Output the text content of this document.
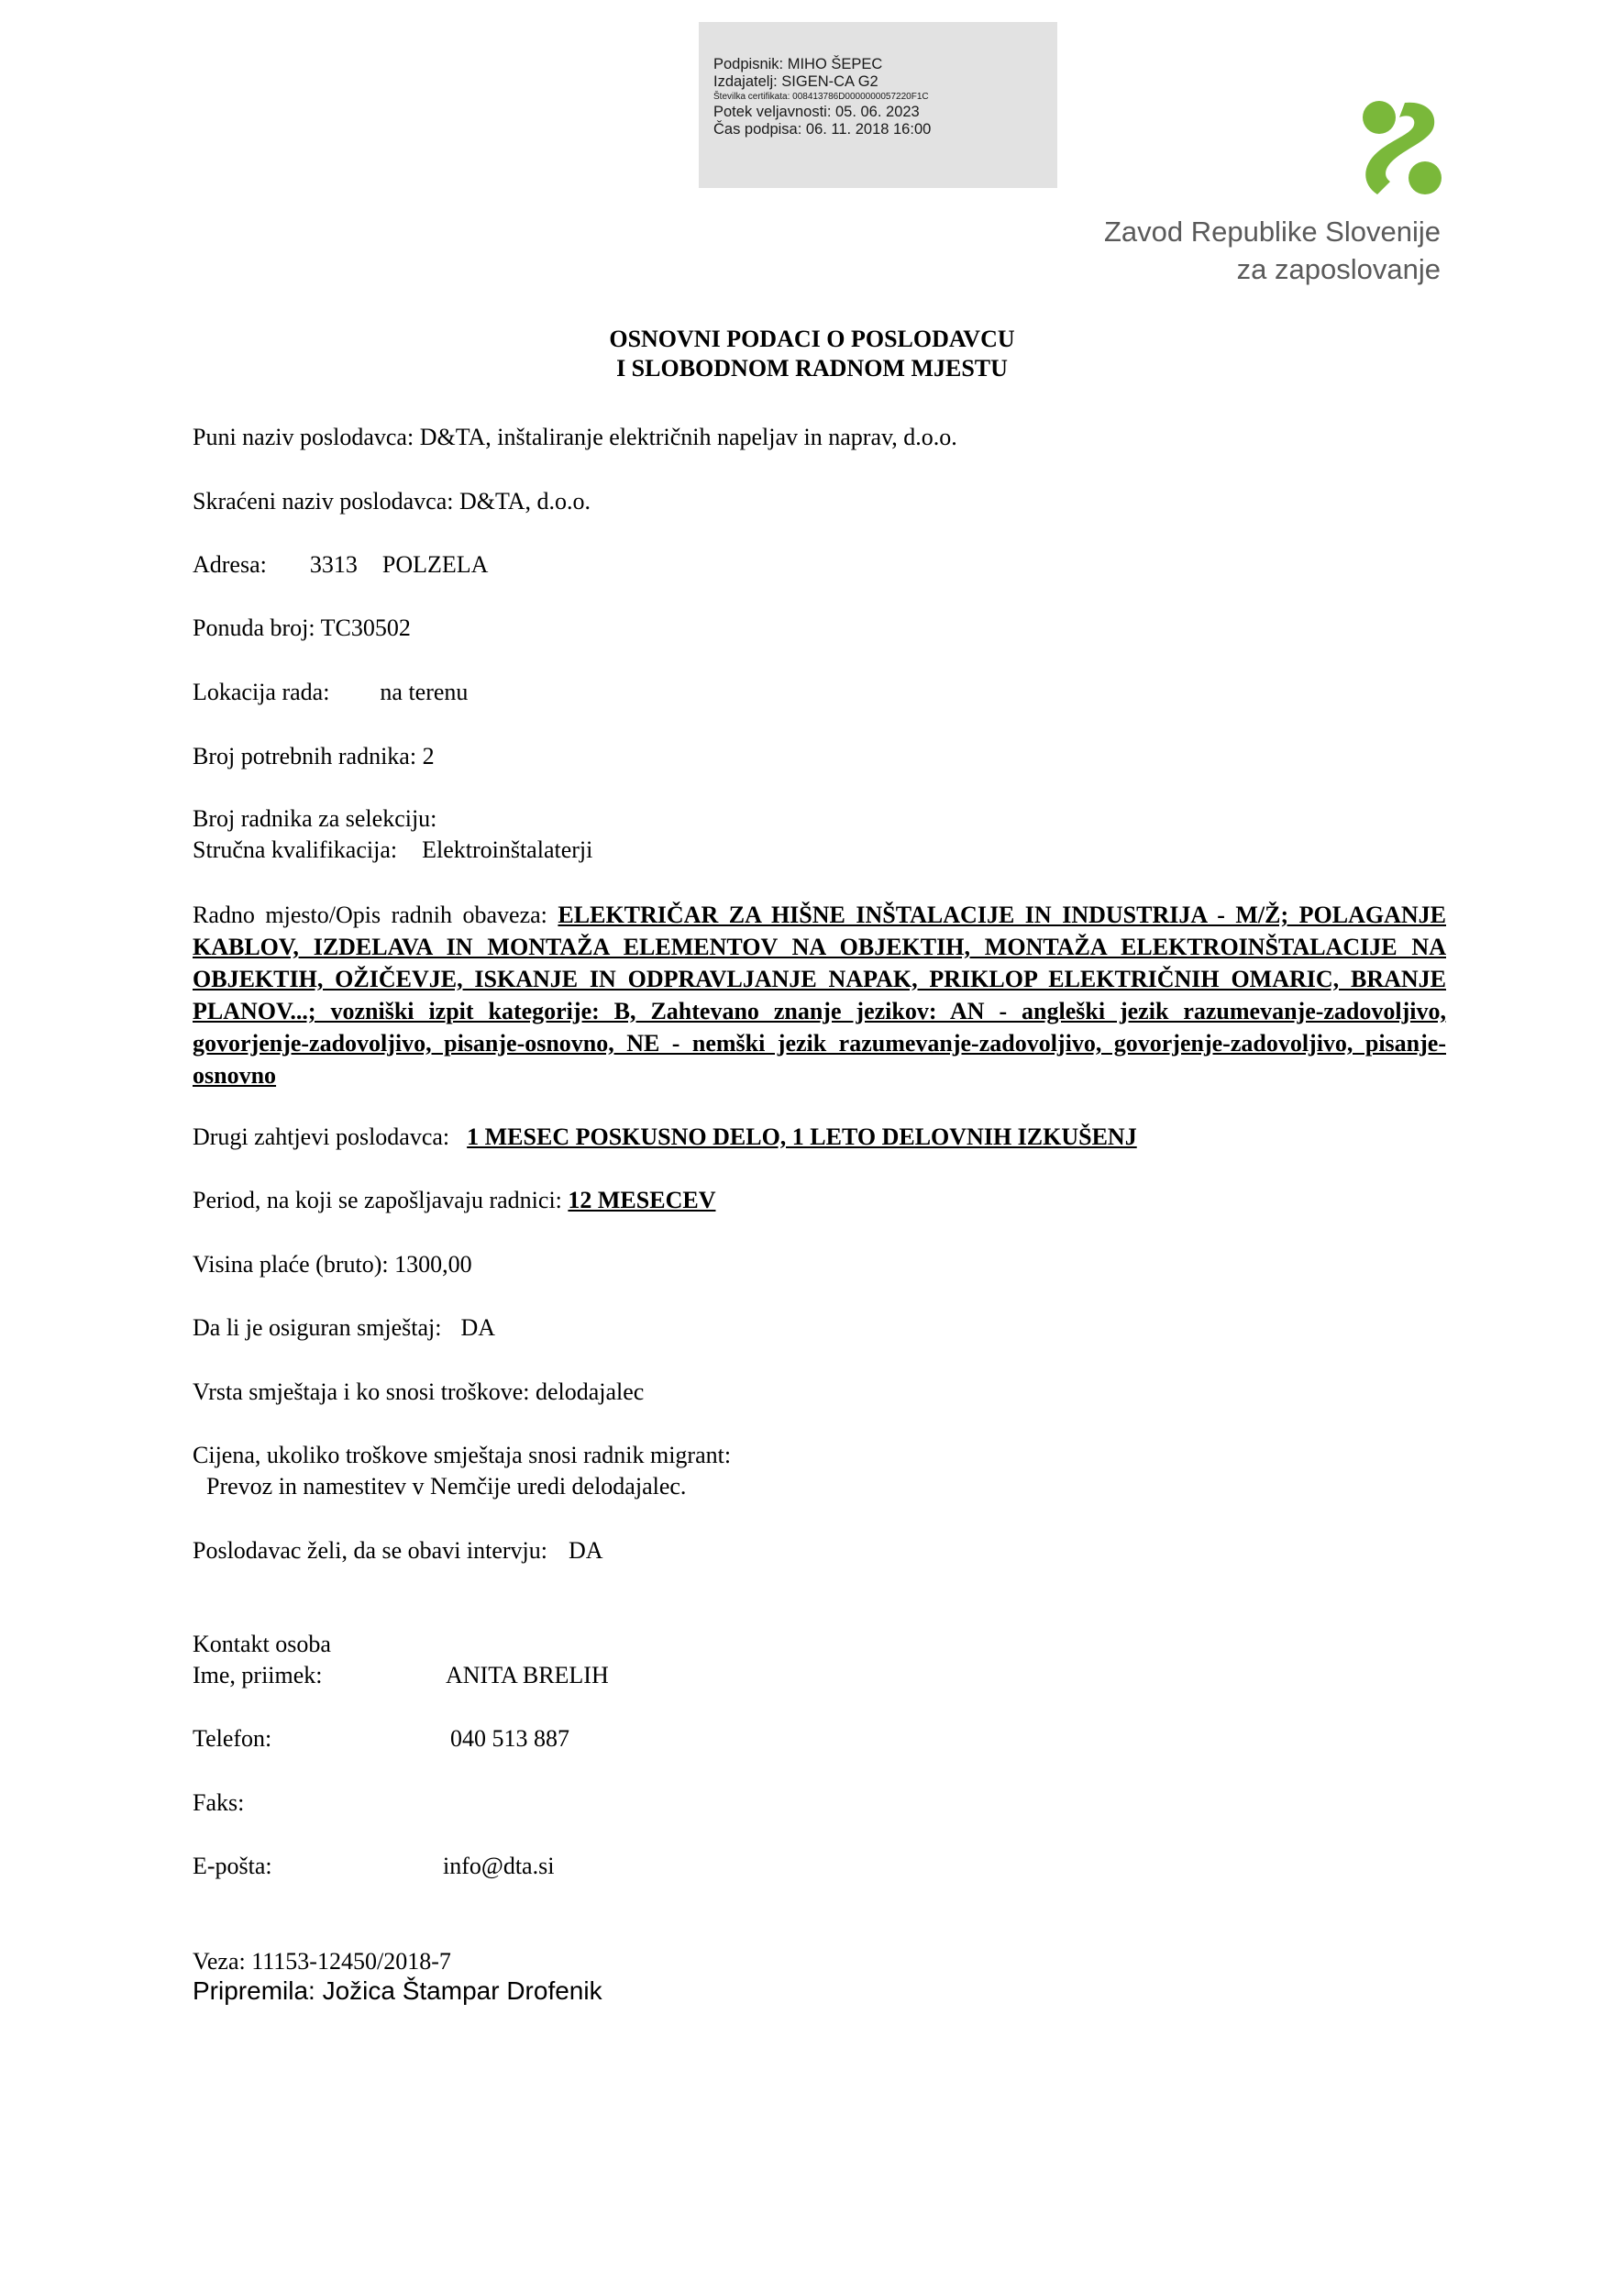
Podpisnik: MIHO ŠEPEC
Izdajatelj: SIGEN-CA G2
Številka certifikata: 008413786D0000000057220F1C
Potek veljavnosti: 05. 06. 2023
Čas podpisa: 06. 11. 2018 16:00
Zavod Republike Slovenije
za zaposlovanje
OSNOVNI PODACI O POSLODAVCU
I SLOBODNOM RADNOM MJESTU
Puni naziv poslodavca: D&TA, inštaliranje električnih napeljav in naprav, d.o.o.
Skraćeni naziv poslodavca: D&TA, d.o.o.
Adresa: 3313 POLZELA
Ponuda broj: TC30502
Lokacija rada: na terenu
Broj potrebnih radnika: 2
Broj radnika za selekciju:
Stručna kvalifikacija: Elektroinštalaterji
Radno mjesto/Opis radnih obaveza: ELEKTRIČAR ZA HIŠNE INŠTALACIJE IN INDUSTRIJA - M/Ž; POLAGANJE KABLOV, IZDELAVA IN MONTAŽA ELEMENTOV NA OBJEKTIH, MONTAŽA ELEKTROINŠTALACIJE NA OBJEKTIH, OŽIČEVJE, ISKANJE IN ODPRAVLJANJE NAPAK, PRIKLOP ELEKTRIČNIH OMARIC, BRANJE PLANOV...; vozniški izpit kategorije: B, Zahtevano znanje jezikov: AN - angleški jezik razumevanje-zadovoljivo, govorjenje-zadovoljivo, pisanje-osnovno, NE - nemški jezik razumevanje-zadovoljivo, govorjenje-zadovoljivo, pisanje-osnovno
Drugi zahtjevi poslodavca: 1 MESEC POSKUSNO DELO, 1 LETO DELOVNIH IZKUŠENJ
Period, na koji se zapošljavaju radnici: 12 MESECEV
Visina plaće (bruto): 1300,00
Da li je osiguran smještaj: DA
Vrsta smještaja i ko snosi troškove: delodajalec
Cijena, ukoliko troškove smještaja snosi radnik migrant:
Prevoz in namestitev v Nemčije uredi delodajalec.
Poslodavac želi, da se obavi intervju: DA
Kontakt osoba
Ime, priimek:	ANITA BRELIH
Telefon:	040 513 887
Faks:
E-pošta:	info@dta.si
Veza: 11153-12450/2018-7
Pripremila: Jožica Štampar Drofenik
